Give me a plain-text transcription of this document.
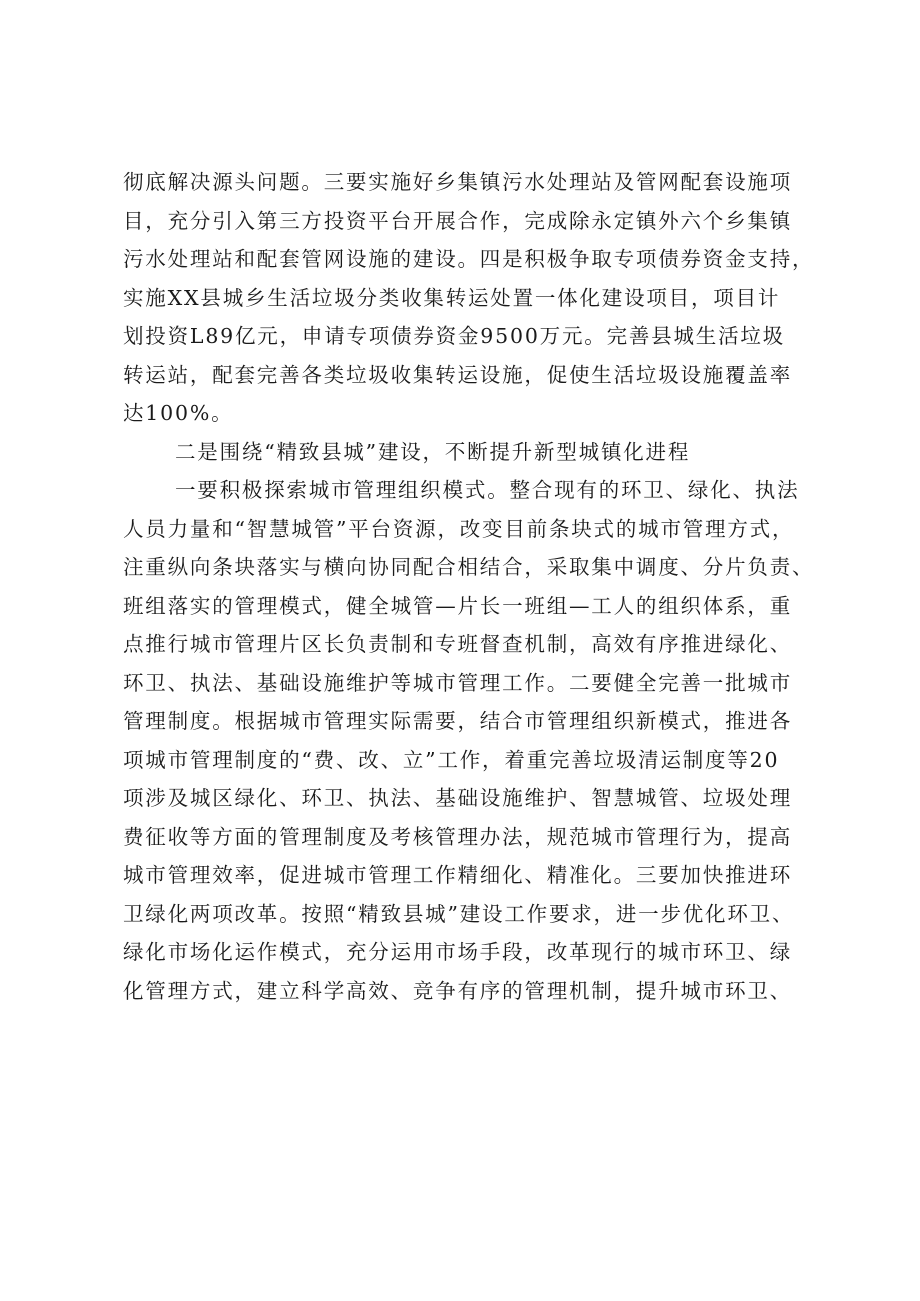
彻底解决源头问题。三要实施好乡集镇污水处理站及管网配套设施项
目，充分引入第三方投资平台开展合作，完成除永定镇外六个乡集镇
污水处理站和配套管网设施的建设。四是积极争取专项债券资金支持，
实施XX县城乡生活垃圾分类收集转运处置一体化建设项目，项目计
划投资L89亿元，申请专项债券资金9500万元。完善县城生活垃圾
转运站，配套完善各类垃圾收集转运设施，促使生活垃圾设施覆盖率
达100%。
二是围绕“精致县城”建设，不断提升新型城镇化进程
一要积极探索城市管理组织模式。整合现有的环卫、绿化、执法
人员力量和“智慧城管”平台资源，改变目前条块式的城市管理方式，
注重纵向条块落实与横向协同配合相结合，采取集中调度、分片负责、
班组落实的管理模式，健全城管—片长一班组—工人的组织体系，重
点推行城市管理片区长负责制和专班督查机制，高效有序推进绿化、
环卫、执法、基础设施维护等城市管理工作。二要健全完善一批城市
管理制度。根据城市管理实际需要，结合市管理组织新模式，推进各
项城市管理制度的“费、改、立”工作，着重完善垃圾清运制度等20
项涉及城区绿化、环卫、执法、基础设施维护、智慧城管、垃圾处理
费征收等方面的管理制度及考核管理办法，规范城市管理行为，提高
城市管理效率，促进城市管理工作精细化、精准化。三要加快推进环
卫绿化两项改革。按照“精致县城”建设工作要求，进一步优化环卫、
绿化市场化运作模式，充分运用市场手段，改革现行的城市环卫、绿
化管理方式，建立科学高效、竞争有序的管理机制，提升城市环卫、
